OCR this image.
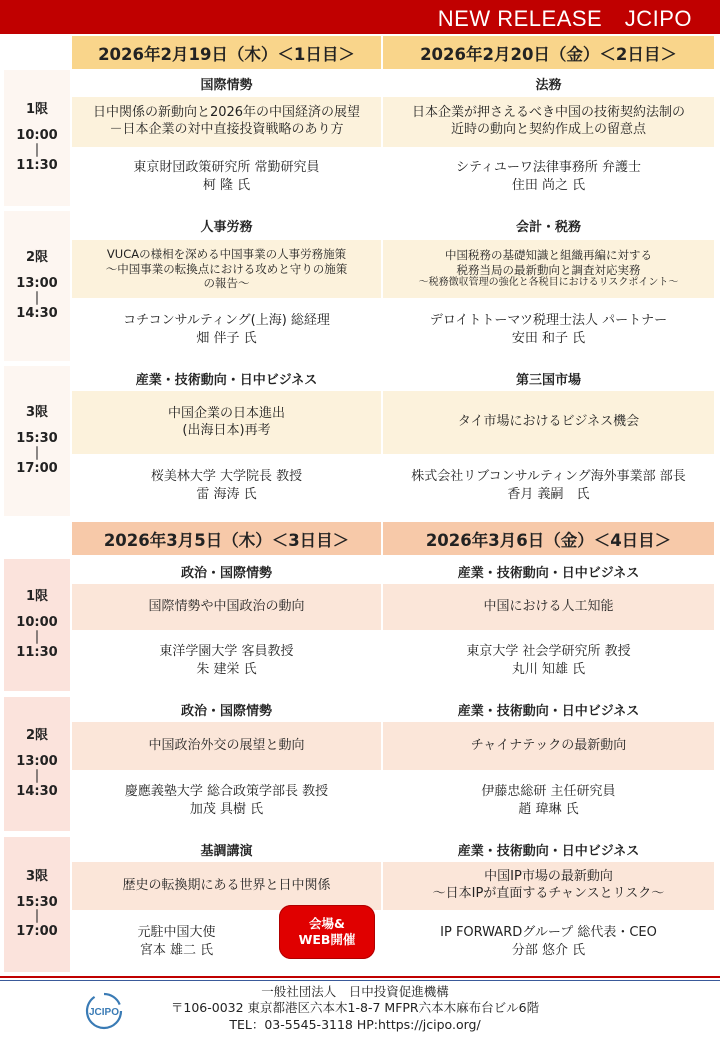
NEW RELEASE　JCIPO
2026年2月19日（木）＜1日目＞	2026年2月20日（金）＜2日目＞
1限
10:00
｜
11:30
国際情勢
日中関係の新動向と2026年の中国経済の展望
－日本企業の対中直接投資戦略のあり方
東京財団政策研究所 常勤研究員
柯 隆 氏
法務
日本企業が押さえるべき中国の技術契約法制の
近時の動向と契約作成上の留意点
シティユーワ法律事務所 弁護士
住田 尚之 氏
2限
13:00
｜
14:30
人事労務
VUCAの様相を深める中国事業の人事労務施策
～中国事業の転換点における攻めと守りの施策
の報告～
コチコンサルティング(上海) 総経理
畑 伴子 氏
会計・税務
中国税務の基礎知識と組織再編に対する
税務当局の最新動向と調査対応実務
～税務徴収管理の強化と各税目におけるリスクポイント～
デロイトトーマツ税理士法人 パートナー
安田 和子 氏
3限
15:30
｜
17:00
産業・技術動向・日中ビジネス
中国企業の日本進出
(出海日本)再考
桜美林大学 大学院長 教授
雷 海涛 氏
第三国市場
タイ市場におけるビジネス機会
株式会社リブコンサルティング海外事業部 部長
香月 義嗣　氏
2026年3月5日（木）＜3日目＞	2026年3月6日（金）＜4日目＞
1限
10:00
｜
11:30
政治・国際情勢
国際情勢や中国政治の動向
東洋学園大学 客員教授
朱 建栄 氏
産業・技術動向・日中ビジネス
中国における人工知能
東京大学 社会学研究所 教授
丸川 知雄 氏
2限
13:00
｜
14:30
政治・国際情勢
中国政治外交の展望と動向
慶應義塾大学 総合政策学部長 教授
加茂 具樹 氏
産業・技術動向・日中ビジネス
チャイナテックの最新動向
伊藤忠総研 主任研究員
趙 瑋琳 氏
3限
15:30
｜
17:00
基調講演
歴史の転換期にある世界と日中関係
元駐中国大使
宮本 雄二 氏
産業・技術動向・日中ビジネス
中国IP市場の最新動向
～日本IPが直面するチャンスとリスク～
IP FORWARDグループ 総代表・CEO
分部 悠介 氏
会場&
WEB開催
JCIPO
一般社団法人　日中投資促進機構
〒106-0032 東京都港区六本木1-8-7 MFPR六本木麻布台ビル6階
TEL：03-5545-3118 HP:https://jcipo.org/
